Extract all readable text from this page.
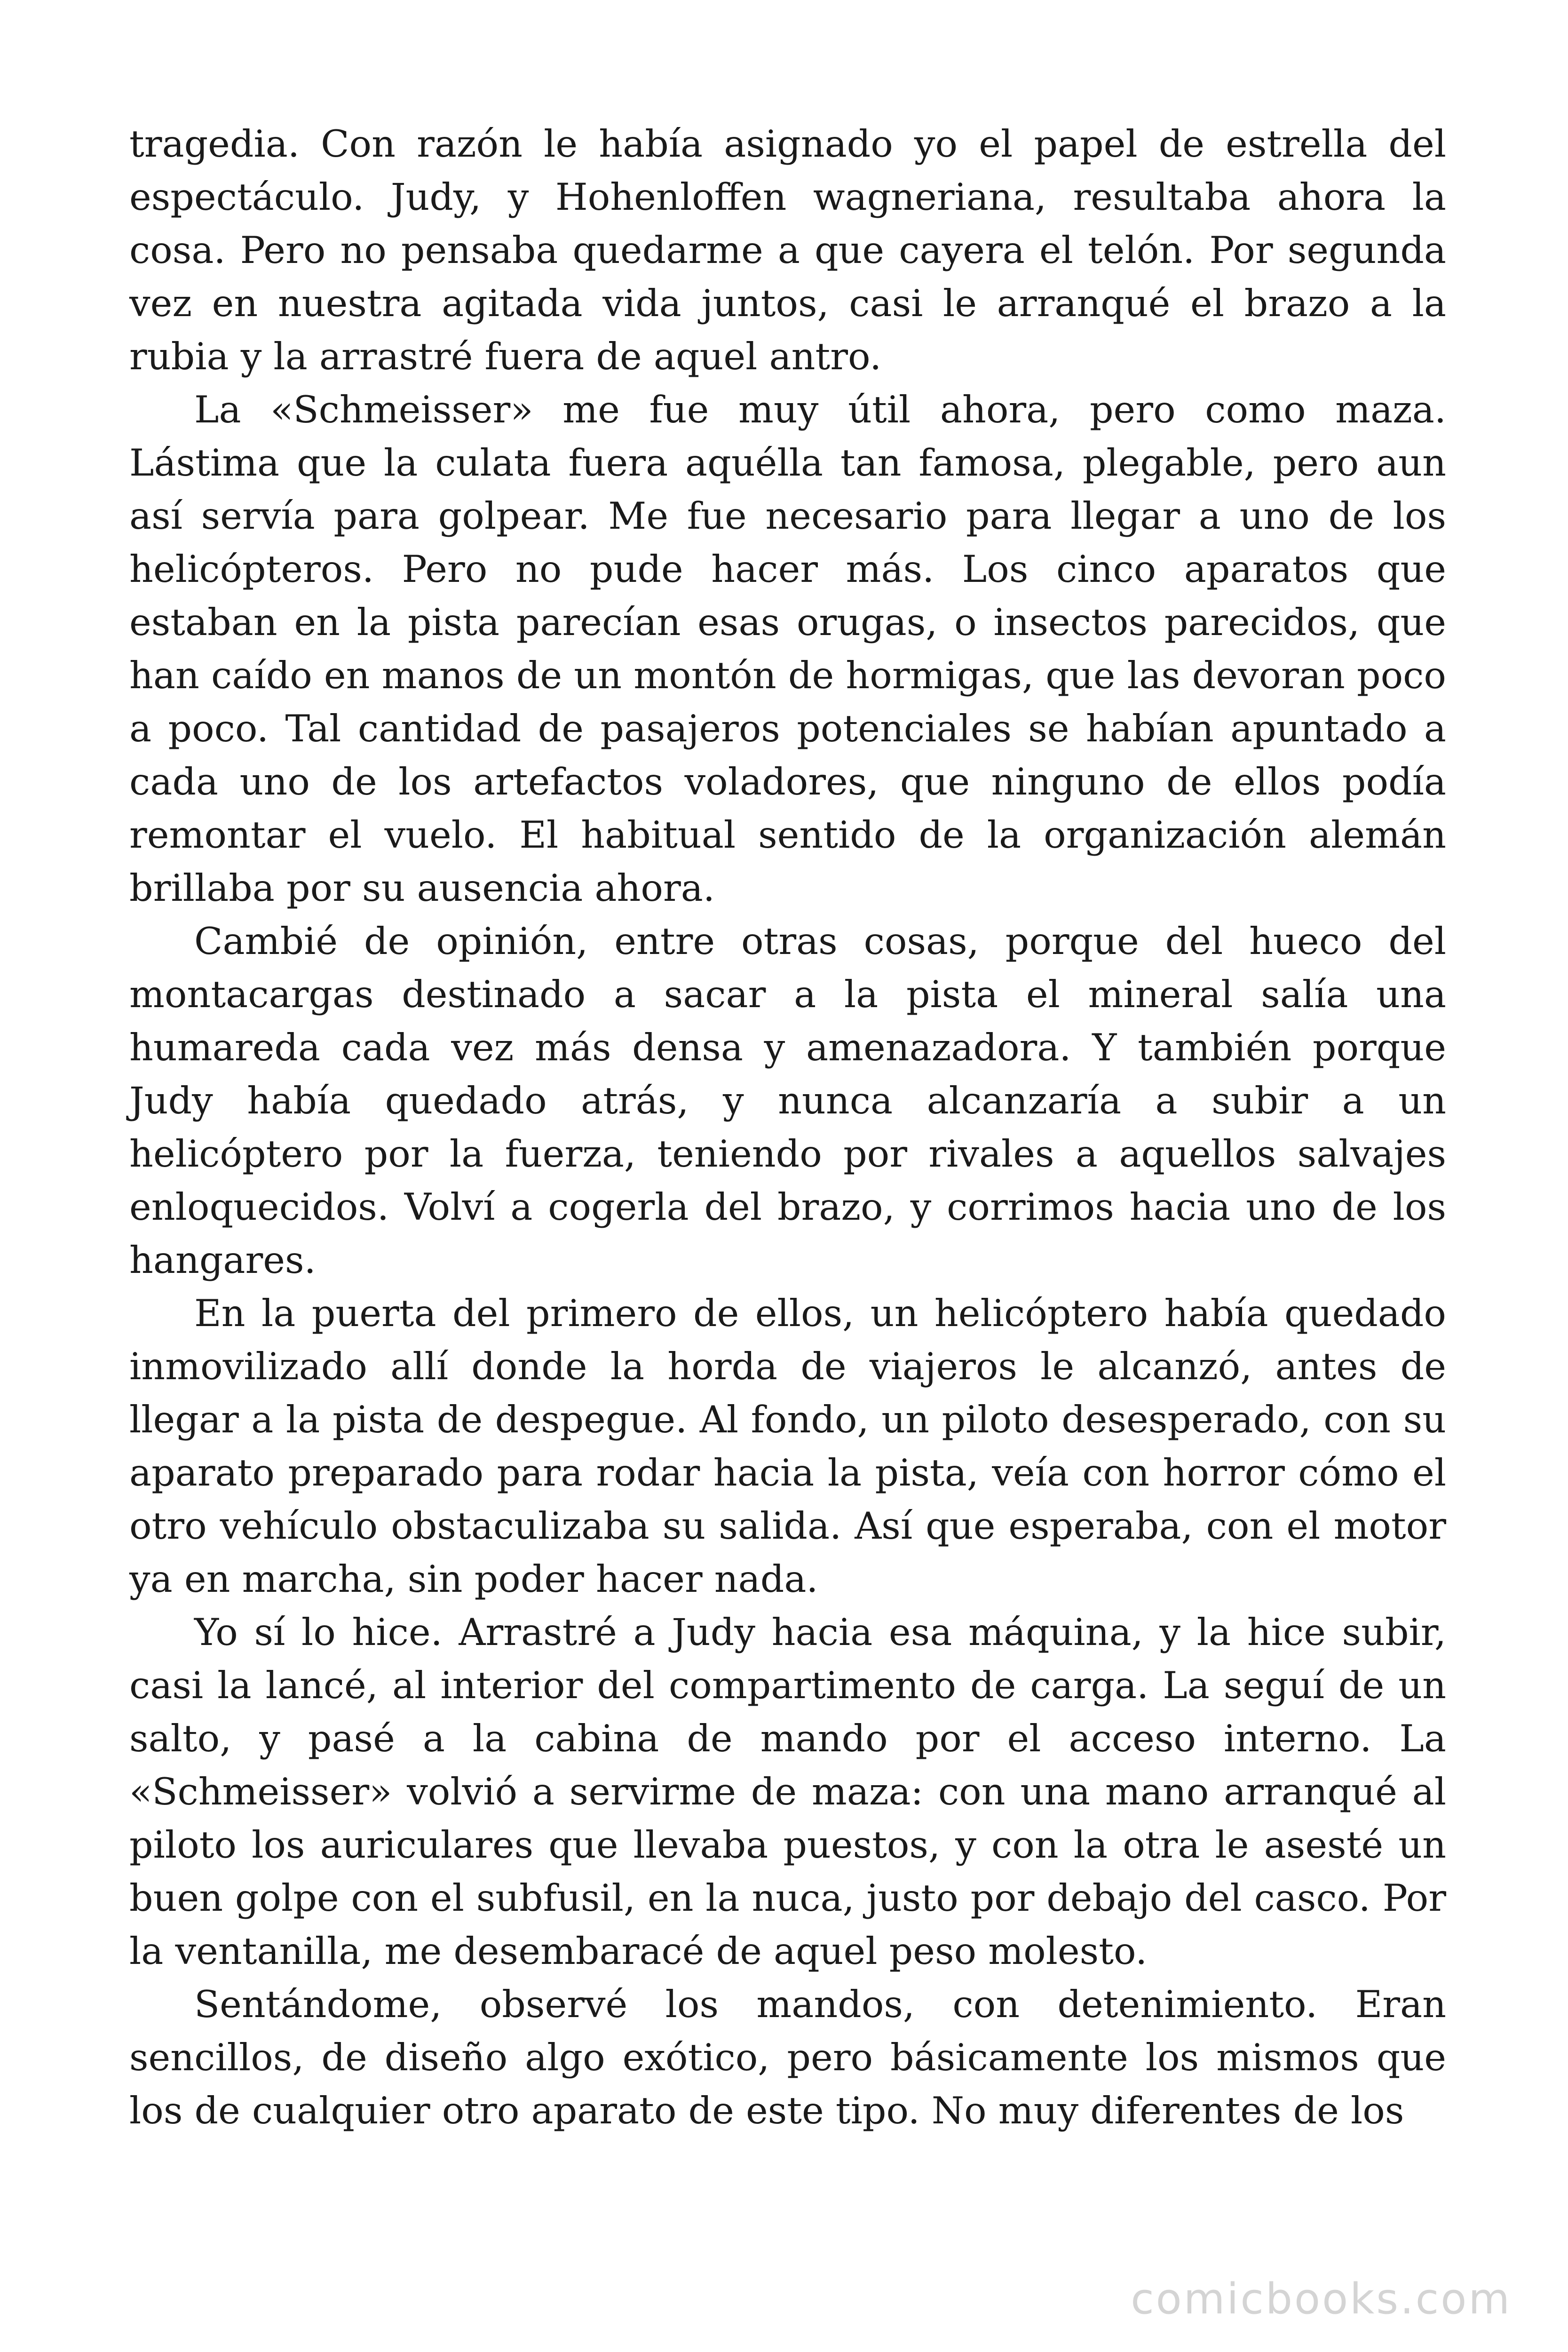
tragedia. Con razón le había asignado yo el papel de estrella del espectáculo. Judy, y Hohenloffen wagneriana, resultaba ahora la cosa. Pero no pensaba quedarme a que cayera el telón. Por segunda vez en nuestra agitada vida juntos, casi le arranqué el brazo a la rubia y la arrastré fuera de aquel antro.

La «Schmeisser» me fue muy útil ahora, pero como maza. Lástima que la culata fuera aquélla tan famosa, plegable, pero aun así servía para golpear. Me fue necesario para llegar a uno de los helicópteros. Pero no pude hacer más. Los cinco aparatos que estaban en la pista parecían esas orugas, o insectos parecidos, que han caído en manos de un montón de hormigas, que las devoran poco a poco. Tal cantidad de pasajeros potenciales se habían apuntado a cada uno de los artefactos voladores, que ninguno de ellos podía remontar el vuelo. El habitual sentido de la organización alemán brillaba por su ausencia ahora.

Cambié de opinión, entre otras cosas, porque del hueco del montacargas destinado a sacar a la pista el mineral salía una humareda cada vez más densa y amenazadora. Y también porque Judy había quedado atrás, y nunca alcanzaría a subir a un helicóptero por la fuerza, teniendo por rivales a aquellos salvajes enloquecidos. Volví a cogerla del brazo, y corrimos hacia uno de los hangares.

En la puerta del primero de ellos, un helicóptero había quedado inmovilizado allí donde la horda de viajeros le alcanzó, antes de llegar a la pista de despegue. Al fondo, un piloto desesperado, con su aparato preparado para rodar hacia la pista, veía con horror cómo el otro vehículo obstaculizaba su salida. Así que esperaba, con el motor ya en marcha, sin poder hacer nada.

Yo sí lo hice. Arrastré a Judy hacia esa máquina, y la hice subir, casi la lancé, al interior del compartimento de carga. La seguí de un salto, y pasé a la cabina de mando por el acceso interno. La «Schmeisser» volvió a servirme de maza: con una mano arranqué al piloto los auriculares que llevaba puestos, y con la otra le asesté un buen golpe con el subfusil, en la nuca, justo por debajo del casco. Por la ventanilla, me desembaracé de aquel peso molesto.

Sentándome, observé los mandos, con detenimiento. Eran sencillos, de diseño algo exótico, pero básicamente los mismos que los de cualquier otro aparato de este tipo. No muy diferentes de los

comicbooks.com
